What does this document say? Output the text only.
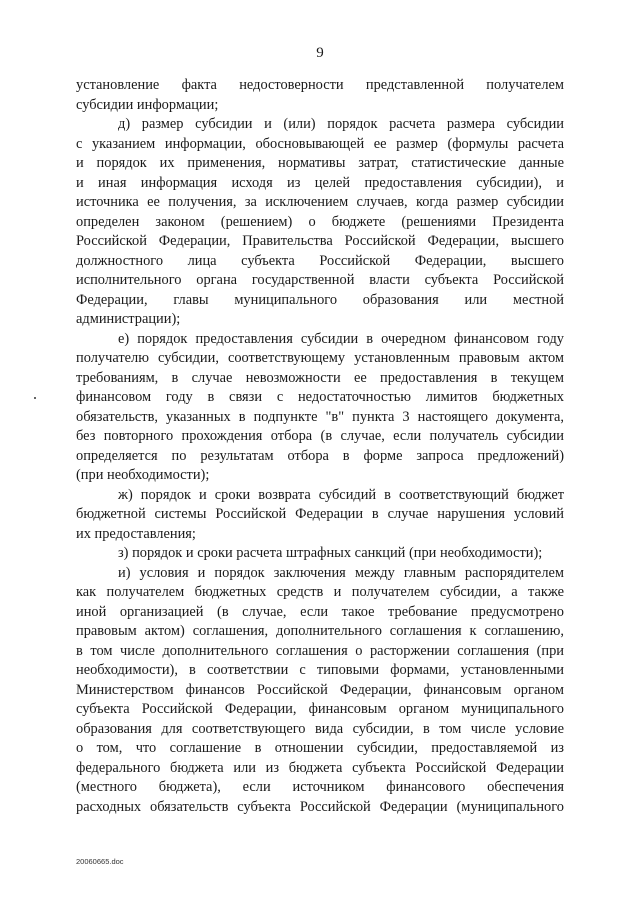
9
установление факта недостоверности представленной получателем
субсидии информации;
д) размер субсидии и (или) порядок расчета размера субсидии
с указанием информации, обосновывающей ее размер (формулы расчета
и порядок их применения, нормативы затрат, статистические данные
и иная информация исходя из целей предоставления субсидии), и
источника ее получения, за исключением случаев, когда размер субсидии
определен законом (решением) о бюджете (решениями Президента
Российской Федерации, Правительства Российской Федерации, высшего
должностного лица субъекта Российской Федерации, высшего
исполнительного органа государственной власти субъекта Российской
Федерации, главы муниципального образования или местной
администрации);
е) порядок предоставления субсидии в очередном финансовом году
получателю субсидии, соответствующему установленным правовым актом
требованиям, в случае невозможности ее предоставления в текущем
финансовом году в связи с недостаточностью лимитов бюджетных
обязательств, указанных в подпункте "в" пункта 3 настоящего документа,
без повторного прохождения отбора (в случае, если получатель субсидии
определяется по результатам отбора в форме запроса предложений)
(при необходимости);
ж) порядок и сроки возврата субсидий в соответствующий бюджет
бюджетной системы Российской Федерации в случае нарушения условий
их предоставления;
з) порядок и сроки расчета штрафных санкций (при необходимости);
и) условия и порядок заключения между главным распорядителем
как получателем бюджетных средств и получателем субсидии, а также
иной организацией (в случае, если такое требование предусмотрено
правовым актом) соглашения, дополнительного соглашения к соглашению,
в том числе дополнительного соглашения о расторжении соглашения (при
необходимости), в соответствии с типовыми формами, установленными
Министерством финансов Российской Федерации, финансовым органом
субъекта Российской Федерации, финансовым органом муниципального
образования для соответствующего вида субсидии, в том числе условие
о том, что соглашение в отношении субсидии, предоставляемой из
федерального бюджета или из бюджета субъекта Российской Федерации
(местного бюджета), если источником финансового обеспечения
расходных обязательств субъекта Российской Федерации (муниципального
20060665.doc
